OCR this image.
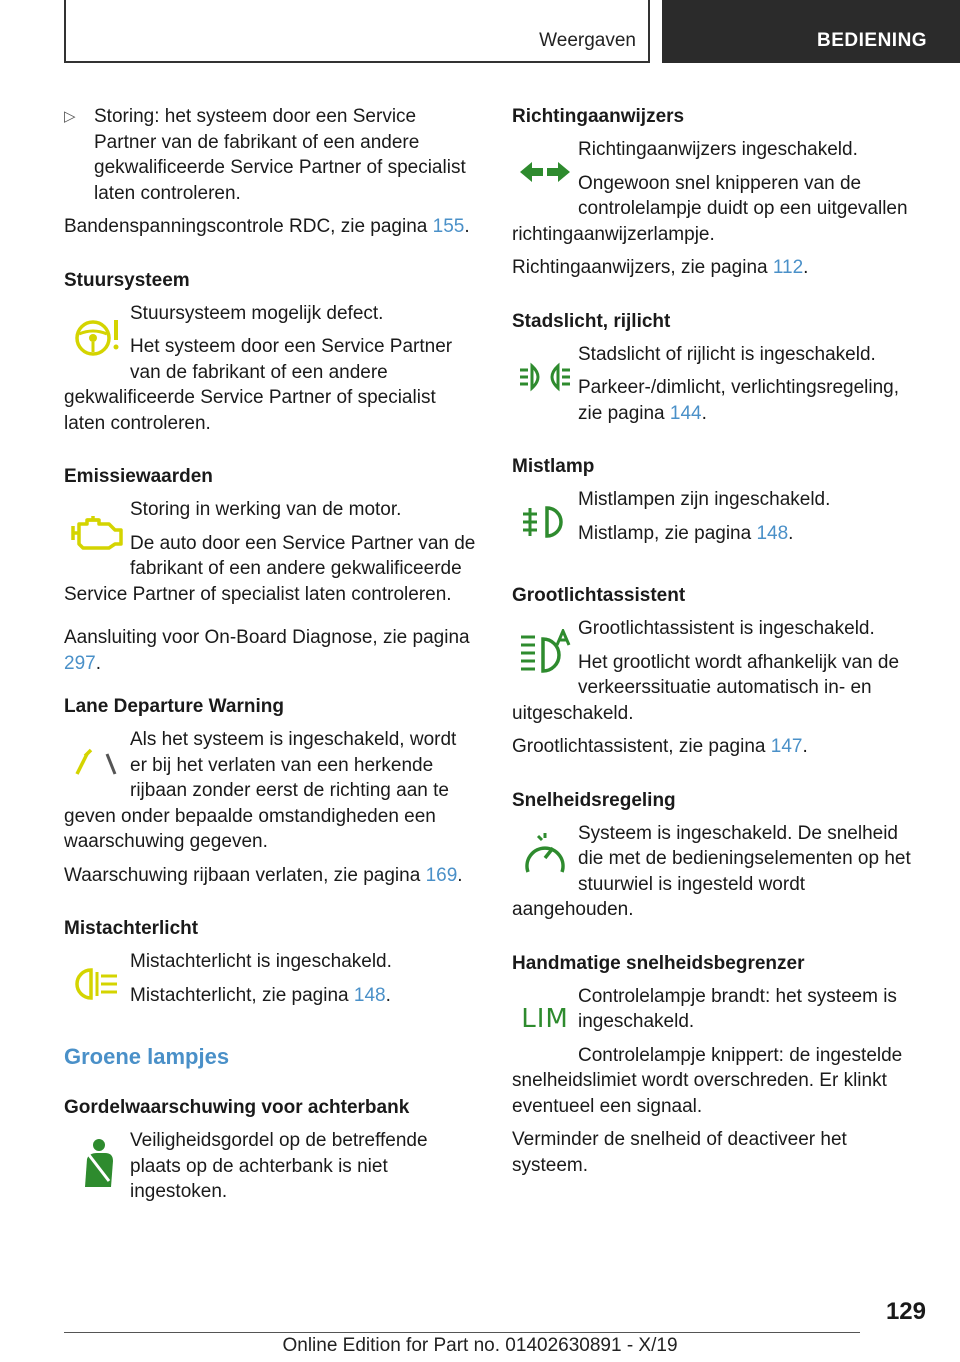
Weergaven	BEDIENING

▷ Storing: het systeem door een Service Partner van de fabrikant of een andere gekwalificeerde Service Partner of specialist laten controleren.

Bandenspanningscontrole RDC, zie pagina 155.

Stuursysteem

Stuursysteem mogelijk defect.

Het systeem door een Service Partner van de fabrikant of een andere gekwalificeerde Service Partner of specialist laten controleren.

Emissiewaarden

Storing in werking van de motor.

De auto door een Service Partner van de fabrikant of een andere gekwalificeerde Service Partner of specialist laten controleren.

Aansluiting voor On-Board Diagnose, zie pagina 297.

Lane Departure Warning

Als het systeem is ingeschakeld, wordt er bij het verlaten van een herkende rijbaan zonder eerst de richting aan te geven onder bepaalde omstandigheden een waarschuwing gegeven.

Waarschuwing rijbaan verlaten, zie pagina 169.

Mistachterlicht

Mistachterlicht is ingeschakeld.

Mistachterlicht, zie pagina 148.

Groene lampjes

Gordelwaarschuwing voor achterbank

Veiligheidsgordel op de betreffende plaats op de achterbank is niet ingestoken.

Richtingaanwijzers

Richtingaanwijzers ingeschakeld.

Ongewoon snel knipperen van de controlelampje duidt op een uitgevallen richtingaanwijzerlampje.

Richtingaanwijzers, zie pagina 112.

Stadslicht, rijlicht

Stadslicht of rijlicht is ingeschakeld.

Parkeer-/dimlicht, verlichtingsregeling, zie pagina 144.

Mistlamp

Mistlampen zijn ingeschakeld.

Mistlamp, zie pagina 148.

Grootlichtassistent

Grootlichtassistent is ingeschakeld.

Het grootlicht wordt afhankelijk van de verkeerssituatie automatisch in- en uitgeschakeld.

Grootlichtassistent, zie pagina 147.

Snelheidsregeling

Systeem is ingeschakeld. De snelheid die met de bedieningselementen op het stuurwiel is ingesteld wordt aangehouden.

Handmatige snelheidsbegrenzer

LIM

Controlelampje brandt: het systeem is ingeschakeld.

Controlelampje knippert: de ingestelde snelheidslimiet wordt overschreden. Er klinkt eventueel een signaal.

Verminder de snelheid of deactiveer het systeem.

129
Online Edition for Part no. 01402630891 - X/19
